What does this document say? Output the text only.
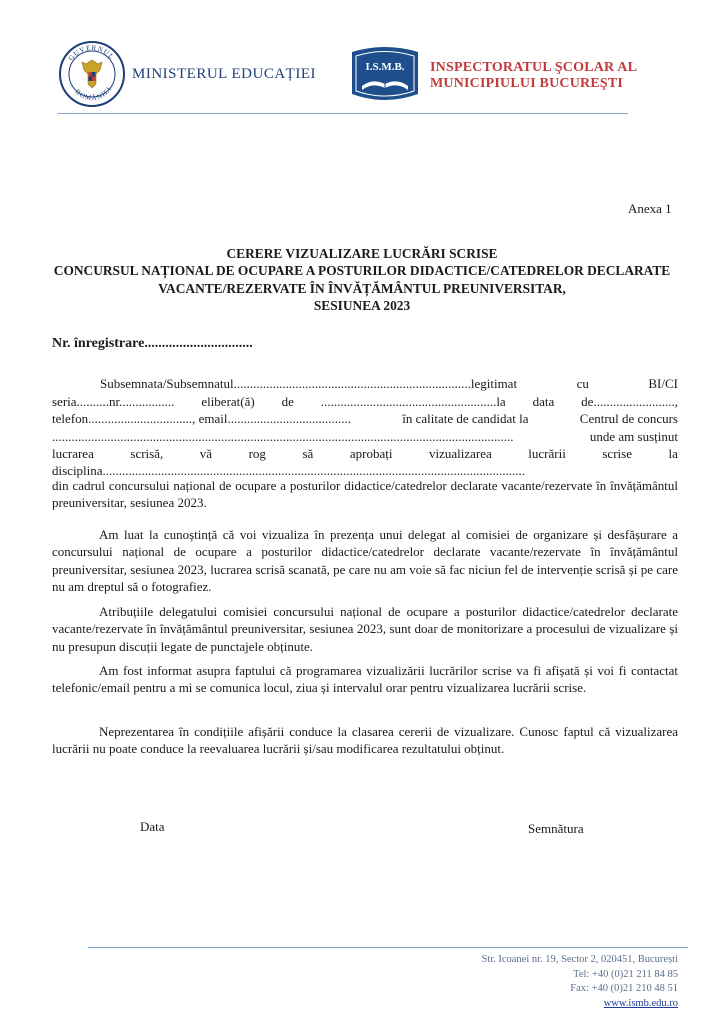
GUVERNUL
ROMÂNIEI
MINISTERUL EDUCAȚIEI	I.S.M.B. INSPECTORATUL ŞCOLAR AL
MUNICIPIULUI BUCUREŞTI
Anexa 1
CERERE VIZUALIZARE LUCRĂRI SCRISE
CONCURSUL NAȚIONAL DE OCUPARE A POSTURILOR DIDACTICE/CATEDRELOR DECLARATE
VACANTE/REZERVATE ÎN ÎNVĂȚĂMÂNTUL PREUNIVERSITAR,
SESIUNEA 2023
Nr. înregistrare...............................
Subsemnata/Subsemnatul.........................................................................legitimat	cu	BI/CI
seria..........nr................. eliberat(ă) de ......................................................la data de.........................,
telefon................................, email......................................	în calitate de candidat la	Centrul de concurs
..............................................................................................................................................	unde am susținut
lucrarea	scrisă,	vă	rog	să	aprobați	vizualizarea	lucrării	scrise	la
disciplina..................................................................................................................................
din cadrul concursului național de ocupare a posturilor didactice/catedrelor declarate vacante/rezervate în învățământul preuniversitar, sesiunea 2023.
Am luat la cunoștință că voi vizualiza în prezența unui delegat al comisiei de organizare și desfășurare a concursului național de ocupare a posturilor didactice/catedrelor declarate vacante/rezervate în învățământul preuniversitar, sesiunea 2023, lucrarea scrisă scanată, pe care nu am voie să fac niciun fel de intervenție scrisă și pe care nu am dreptul să o fotografiez.
Atribuțiile delegatului comisiei concursului național de ocupare a posturilor didactice/catedrelor declarate vacante/rezervate în învățământul preuniversitar, sesiunea 2023, sunt doar de monitorizare a procesului de vizualizare și nu presupun discuții legate de punctajele obținute.
Am fost informat asupra faptului că programarea vizualizării lucrărilor scrise va fi afișată și voi fi contactat telefonic/email pentru a mi se comunica locul, ziua și intervalul orar pentru vizualizarea lucrării scrise.
Neprezentarea în condițiile afișării conduce la clasarea cererii de vizualizare. Cunosc faptul că vizualizarea lucrării nu poate conduce la reevaluarea lucrării și/sau modificarea rezultatului obținut.
Data	Semnătura
Str. Icoanei nr. 19, Sector 2, 020451, București
Tel: +40 (0)21 211 84 85
Fax: +40 (0)21 210 48 51
www.ismb.edu.ro
